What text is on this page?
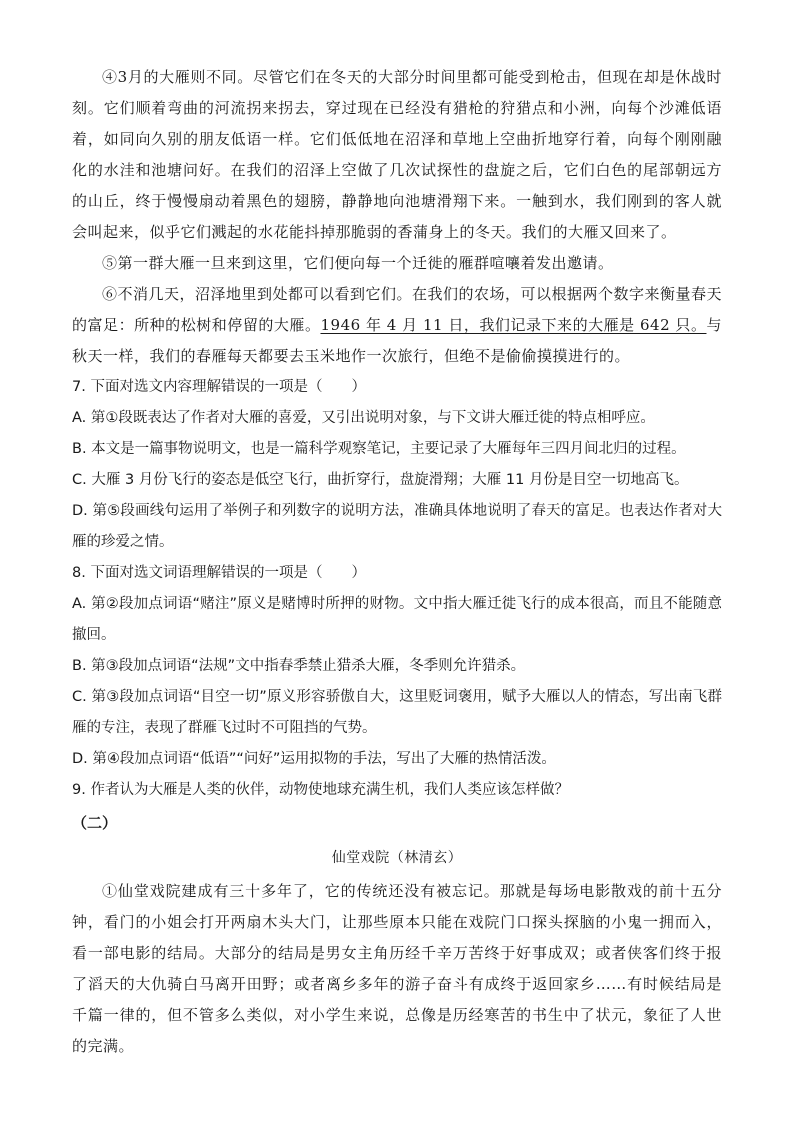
④3月的大雁则不同。尽管它们在冬天的大部分时间里都可能受到枪击，但现在却是休战时刻。它们顺着弯曲的河流拐来拐去，穿过现在已经没有猎枪的狩猎点和小洲，向每个沙滩低语着，如同向久别的朋友低语一样。它们低低地在沼泽和草地上空曲折地穿行着，向每个刚刚融化的水洼和池塘问好。在我们的沼泽上空做了几次试探性的盘旋之后，它们白色的尾部朝远方的山丘，终于慢慢扇动着黑色的翅膀，静静地向池塘滑翔下来。一触到水，我们刚到的客人就会叫起来，似乎它们溅起的水花能抖掉那脆弱的香蒲身上的冬天。我们的大雁又回来了。

⑤第一群大雁一旦来到这里，它们便向每一个迁徙的雁群喧嚷着发出邀请。

⑥不消几天，沼泽地里到处都可以看到它们。在我们的农场，可以根据两个数字来衡量春天的富足：所种的松树和停留的大雁。1946 年 4 月 11 日，我们记录下来的大雁是 642 只。与秋天一样，我们的春雁每天都要去玉米地作一次旅行，但绝不是偷偷摸摸进行的。

7. 下面对选文内容理解错误的一项是（　　）

A. 第①段既表达了作者对大雁的喜爱，又引出说明对象，与下文讲大雁迁徙的特点相呼应。

B. 本文是一篇事物说明文，也是一篇科学观察笔记，主要记录了大雁每年三四月间北归的过程。

C. 大雁 3 月份飞行的姿态是低空飞行，曲折穿行，盘旋滑翔；大雁 11 月份是目空一切地高飞。

D. 第⑤段画线句运用了举例子和列数字的说明方法，准确具体地说明了春天的富足。也表达作者对大雁的珍爱之情。

8. 下面对选文词语理解错误的一项是（　　）

A. 第②段加点词语“赌注”原义是赌博时所押的财物。文中指大雁迁徙飞行的成本很高，而且不能随意撤回。

B. 第③段加点词语“法规”文中指春季禁止猎杀大雁，冬季则允许猎杀。

C. 第③段加点词语“目空一切”原义形容骄傲自大，这里贬词褒用，赋予大雁以人的情态，写出南飞群雁的专注，表现了群雁飞过时不可阻挡的气势。

D. 第④段加点词语“低语”“问好”运用拟物的手法，写出了大雁的热情活泼。

9. 作者认为大雁是人类的伙伴，动物使地球充满生机，我们人类应该怎样做？

（二）

仙堂戏院（林清玄）

①仙堂戏院建成有三十多年了，它的传统还没有被忘记。那就是每场电影散戏的前十五分钟，看门的小姐会打开两扇木头大门，让那些原本只能在戏院门口探头探脑的小鬼一拥而入，看一部电影的结局。大部分的结局是男女主角历经千辛万苦终于好事成双；或者侠客们终于报了滔天的大仇骑白马离开田野；或者离乡多年的游子奋斗有成终于返回家乡……有时候结局是千篇一律的，但不管多么类似，对小学生来说，总像是历经寒苦的书生中了状元，象征了人世的完满。
